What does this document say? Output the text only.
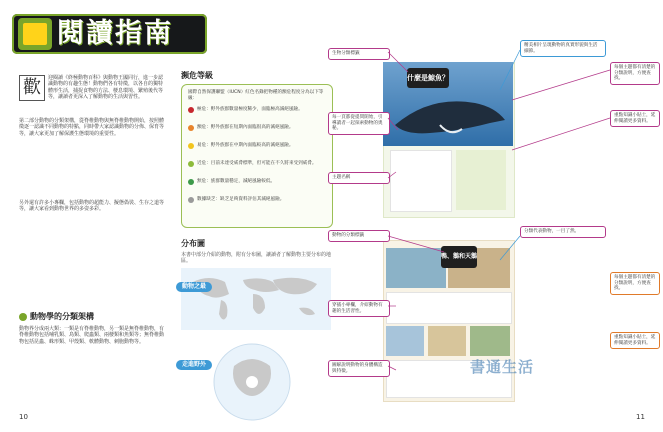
閱讀指南
歡	迎閱讀《終極動物百科》與動物王國同行，進一步認識動物的有趣生態！動物們各有特徵，以各自的獨特體形生活，捕捉食物的方法、棲息環境、繁殖後代等等，讓讀者更深入了解動物的生活與習性。
第二部分動物的分類架構，從脊椎動物與無脊椎動物開始，按照體徵逐一認識不同動物的特點，同時帶大家認識動物的分佈、保育等等，讓大家更加了解保護生態環境的重要性。
另外還有許多小專欄，包括動物的超能力、擬態偽裝、生存之道等等，讓大家看到動物世界的多姿多彩。
動物學的分類架構
動物界分成兩大類：一類是有脊椎動物，另一類是無脊椎動物，有脊椎動物包括哺乳類、鳥類、爬蟲類、兩棲類和魚類等；無脊椎動物包括昆蟲、蛛形類、甲殼類、軟體動物、刺胞動物等。
10
瀕危等級
國際自然保護聯盟（IUCN）紅色名錄把物種的瀕危程度分為以下等級：
極危：野外族群數量極度稀少，面臨極高滅絕風險。
瀕危：野外族群在短期內面臨很高的滅絕風險。
易危：野外族群在中期內面臨較高的滅絕風險。
近危：目前未達受威脅標準，但可能在不久將來受到威脅。
無危：族群數量穩定，滅絕風險較低。
數據缺乏：缺乏足夠資料評估其滅絕風險。
分布圖
本書中部分介紹的動物，附有分布圖，讓讀者了解動物主要分布的地區。
動物之最
走進野外
什麼是鯨魚？
鴨、鵝和天鵝
生物分類標籤
每一頁都從提問開始，引導讀者一起探索動物的奧秘。
主題名稱
動物的分類標籤
穿插小專欄，介紹動物有趣的生活習性。
圖解說明動物的身體構造與特徵。
精美相片呈現動物的真實形貌與生活細節。
每個主題都有清楚的分類說明，方便查找。
重點知識小貼士，延伸閱讀更多資料。
分類代表動物，一目了然。
每個主題都有清楚的分類說明，方便查找。
重點知識小貼士，延伸閱讀更多資料。
書通生活
11
